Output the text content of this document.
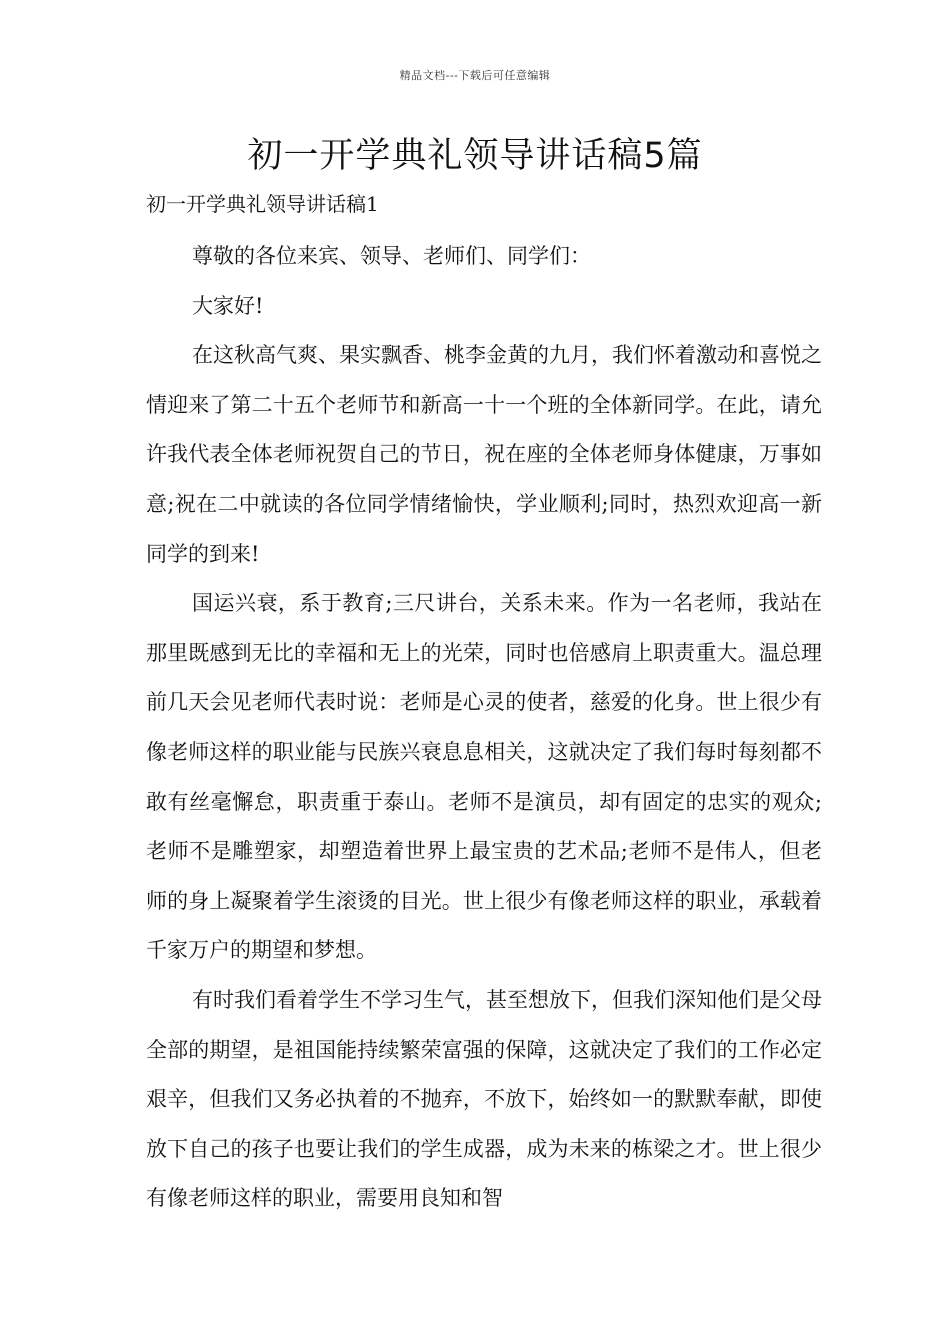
精品文档---下载后可任意编辑
初一开学典礼领导讲话稿5篇
初一开学典礼领导讲话稿1

尊敬的各位来宾、领导、老师们、同学们：

大家好!

在这秋高气爽、果实飘香、桃李金黄的九月，我们怀着激动和喜悦之情迎来了第二十五个老师节和新高一十一个班的全体新同学。在此，请允许我代表全体老师祝贺自己的节日，祝在座的全体老师身体健康，万事如意;祝在二中就读的各位同学情绪愉快，学业顺利;同时，热烈欢迎高一新同学的到来!

国运兴衰，系于教育;三尺讲台，关系未来。作为一名老师，我站在那里既感到无比的幸福和无上的光荣，同时也倍感肩上职责重大。温总理前几天会见老师代表时说：老师是心灵的使者，慈爱的化身。世上很少有像老师这样的职业能与民族兴衰息息相关，这就决定了我们每时每刻都不敢有丝毫懈怠，职责重于泰山。老师不是演员，却有固定的忠实的观众;老师不是雕塑家，却塑造着世界上最宝贵的艺术品;老师不是伟人，但老师的身上凝聚着学生滚烫的目光。世上很少有像老师这样的职业，承载着千家万户的期望和梦想。

有时我们看着学生不学习生气，甚至想放下，但我们深知他们是父母全部的期望，是祖国能持续繁荣富强的保障，这就决定了我们的工作必定艰辛，但我们又务必执着的不抛弃，不放下，始终如一的默默奉献，即使放下自己的孩子也要让我们的学生成器，成为未来的栋梁之才。世上很少有像老师这样的职业，需要用良知和智
